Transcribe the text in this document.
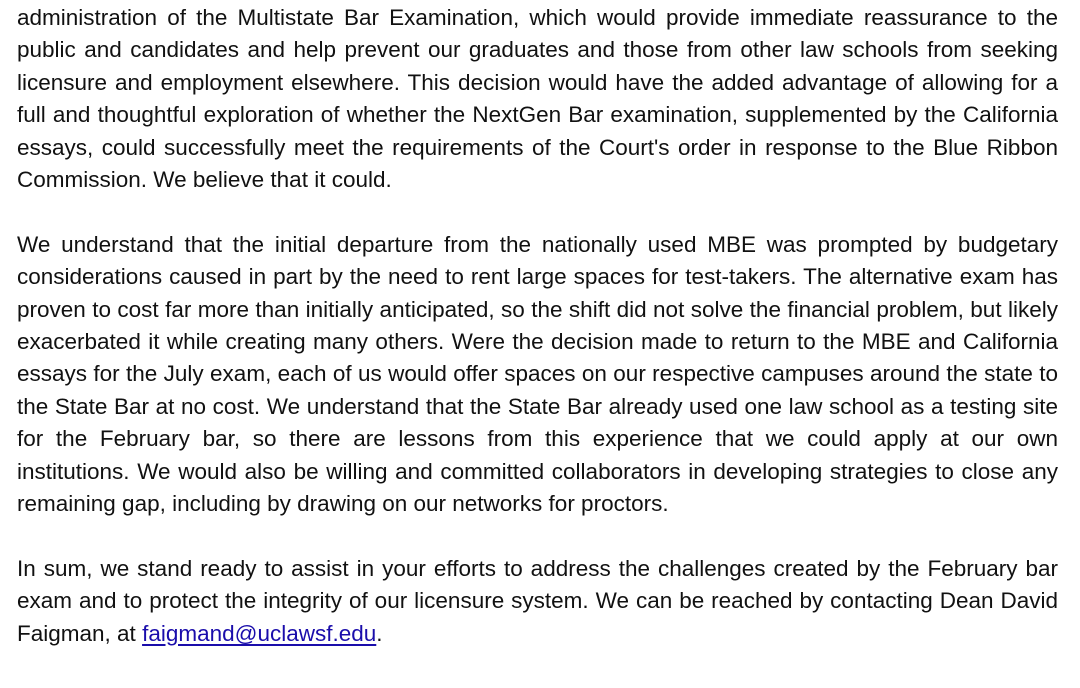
administration of the Multistate Bar Examination, which would provide immediate reassurance to the public and candidates and help prevent our graduates and those from other law schools from seeking licensure and employment elsewhere. This decision would have the added advantage of allowing for a full and thoughtful exploration of whether the NextGen Bar examination, supplemented by the California essays, could successfully meet the requirements of the Court's order in response to the Blue Ribbon Commission. We believe that it could.

We understand that the initial departure from the nationally used MBE was prompted by budgetary considerations caused in part by the need to rent large spaces for test-takers. The alternative exam has proven to cost far more than initially anticipated, so the shift did not solve the financial problem, but likely exacerbated it while creating many others. Were the decision made to return to the MBE and California essays for the July exam, each of us would offer spaces on our respective campuses around the state to the State Bar at no cost. We understand that the State Bar already used one law school as a testing site for the February bar, so there are lessons from this experience that we could apply at our own institutions. We would also be willing and committed collaborators in developing strategies to close any remaining gap, including by drawing on our networks for proctors.

In sum, we stand ready to assist in your efforts to address the challenges created by the February bar exam and to protect the integrity of our licensure system. We can be reached by contacting Dean David Faigman, at faigmand@uclawsf.edu.
